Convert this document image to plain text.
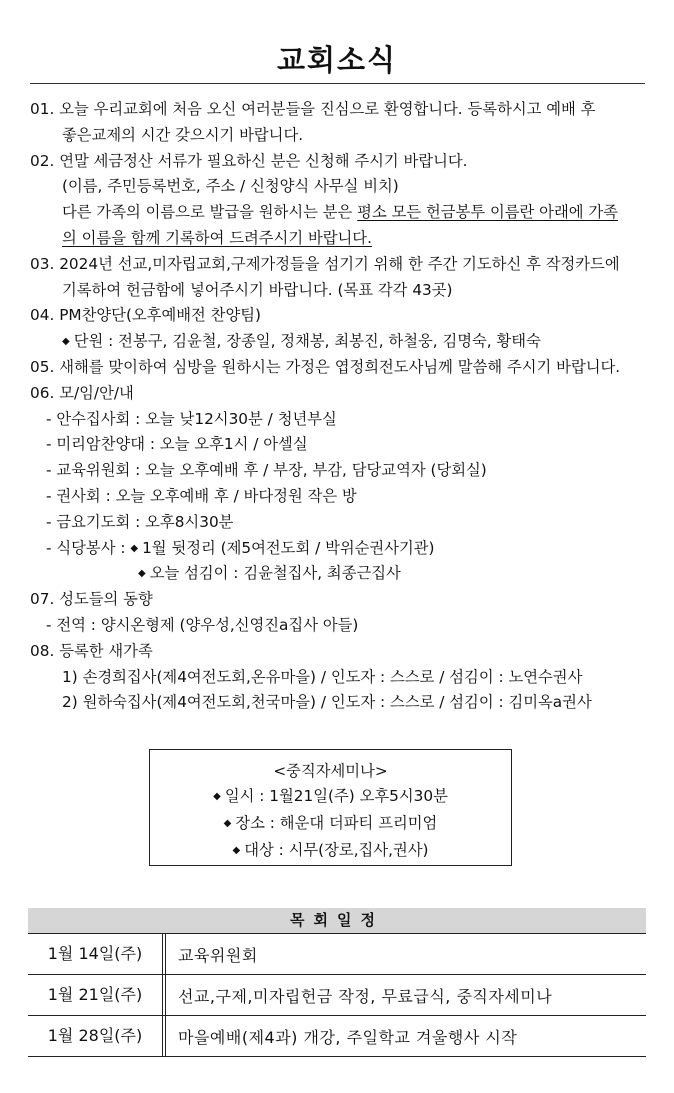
교회소식
01. 오늘 우리교회에 처음 오신 여러분들을 진심으로 환영합니다. 등록하시고 예배 후
좋은교제의 시간 갖으시기 바랍니다.
02. 연말 세금정산 서류가 필요하신 분은 신청해 주시기 바랍니다.
(이름, 주민등록번호, 주소 / 신청양식 사무실 비치)
다른 가족의 이름으로 발급을 원하시는 분은 평소 모든 헌금봉투 이름란 아래에 가족
의 이름을 함께 기록하여 드려주시기 바랍니다.
03. 2024년 선교,미자립교회,구제가정들을 섬기기 위해 한 주간 기도하신 후 작정카드에
기록하여 헌금함에 넣어주시기 바랍니다. (목표 각각 43곳)
04. PM찬양단(오후예배전 찬양팀)
◆ 단원 : 전봉구, 김윤철, 장종일, 정채봉, 최봉진, 하철웅, 김명숙, 황태숙
05. 새해를 맞이하여 심방을 원하시는 가정은 엽정희전도사님께 말씀해 주시기 바랍니다.
06. 모/임/안/내
- 안수집사회 : 오늘 낮12시30분 / 청년부실
- 미리암찬양대 : 오늘 오후1시 / 아셀실
- 교육위원회 : 오늘 오후예배 후 / 부장, 부감, 담당교역자 (당회실)
- 권사회 : 오늘 오후예배 후 / 바다정원 작은 방
- 금요기도회 : 오후8시30분
- 식당봉사 : ◆ 1월 뒷정리 (제5여전도회 / 박위순권사기관)
◆ 오늘 섬김이 : 김윤철집사, 최종근집사
07. 성도들의 동향
- 전역 : 양시온형제 (양우성,신영진a집사 아들)
08. 등록한 새가족
1) 손경희집사(제4여전도회,온유마을) / 인도자 : 스스로 / 섬김이 : 노연수권사
2) 원하숙집사(제4여전도회,천국마을) / 인도자 : 스스로 / 섬김이 : 김미옥a권사
<중직자세미나>
◆ 일시 : 1월21일(주) 오후5시30분
◆ 장소 : 해운대 더파티 프리미엄
◆ 대상 : 시무(장로,집사,권사)
목회일정
1월 14일(주)	교육위원회
1월 21일(주)	선교,구제,미자립헌금 작정, 무료급식, 중직자세미나
1월 28일(주)	마을예배(제4과) 개강, 주일학교 겨울행사 시작
